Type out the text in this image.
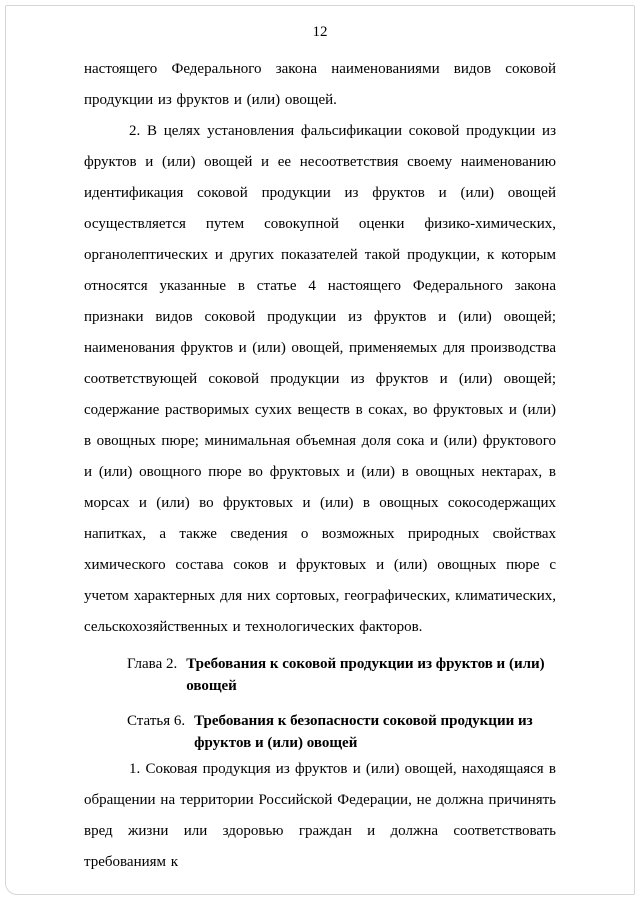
12

настоящего Федерального закона наименованиями видов соковой продукции из фруктов и (или) овощей.

2. В целях установления фальсификации соковой продукции из фруктов и (или) овощей и ее несоответствия своему наименованию идентификация соковой продукции из фруктов и (или) овощей осуществляется путем совокупной оценки физико-химических, органолептических и других показателей такой продукции, к которым относятся указанные в статье 4 настоящего Федерального закона признаки видов соковой продукции из фруктов и (или) овощей; наименования фруктов и (или) овощей, применяемых для производства соответствующей соковой продукции из фруктов и (или) овощей; содержание растворимых сухих веществ в соках, во фруктовых и (или) в овощных пюре; минимальная объемная доля сока и (или) фруктового и (или) овощного пюре во фруктовых и (или) в овощных нектарах, в морсах и (или) во фруктовых и (или) в овощных сокосодержащих напитках, а также сведения о возможных природных свойствах химического состава соков и фруктовых и (или) овощных пюре с учетом характерных для них сортовых, географических, климатических, сельскохозяйственных и технологических факторов.

Глава 2. Требования к соковой продукции из фруктов и (или) овощей
Статья 6. Требования к безопасности соковой продукции из фруктов и (или) овощей

1. Соковая продукция из фруктов и (или) овощей, находящаяся в обращении на территории Российской Федерации, не должна причинять вред жизни или здоровью граждан и должна соответствовать требованиям к
